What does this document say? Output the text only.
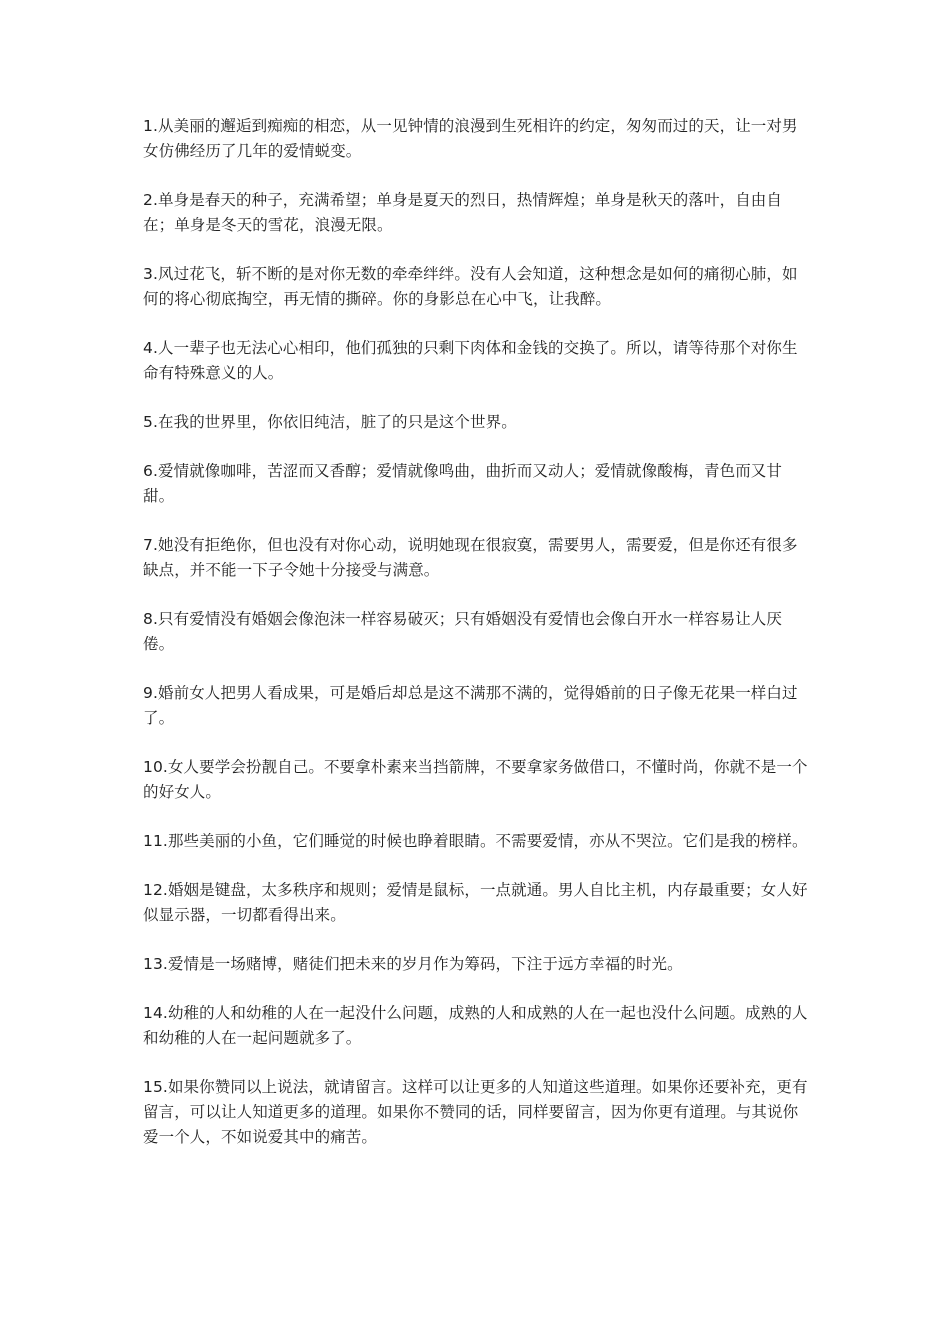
1.从美丽的邂逅到痴痴的相恋，从一见钟情的浪漫到生死相许的约定，匆匆而过的天，让一对男女仿佛经历了几年的爱情蜕变。

2.单身是春天的种子，充满希望；单身是夏天的烈日，热情辉煌；单身是秋天的落叶，自由自在；单身是冬天的雪花，浪漫无限。

3.风过花飞，斩不断的是对你无数的牵牵绊绊。没有人会知道，这种想念是如何的痛彻心肺，如何的将心彻底掏空，再无情的撕碎。你的身影总在心中飞，让我醉。

4.人一辈子也无法心心相印，他们孤独的只剩下肉体和金钱的交换了。所以，请等待那个对你生命有特殊意义的人。

5.在我的世界里，你依旧纯洁，脏了的只是这个世界。

6.爱情就像咖啡，苦涩而又香醇；爱情就像鸣曲，曲折而又动人；爱情就像酸梅，青色而又甘甜。

7.她没有拒绝你，但也没有对你心动，说明她现在很寂寞，需要男人，需要爱，但是你还有很多缺点，并不能一下子令她十分接受与满意。

8.只有爱情没有婚姻会像泡沫一样容易破灭；只有婚姻没有爱情也会像白开水一样容易让人厌倦。

9.婚前女人把男人看成果，可是婚后却总是这不满那不满的，觉得婚前的日子像无花果一样白过了。

10.女人要学会扮靓自己。不要拿朴素来当挡箭牌，不要拿家务做借口，不懂时尚，你就不是一个的好女人。

11.那些美丽的小鱼，它们睡觉的时候也睁着眼睛。不需要爱情，亦从不哭泣。它们是我的榜样。

12.婚姻是键盘，太多秩序和规则；爱情是鼠标，一点就通。男人自比主机，内存最重要；女人好似显示器，一切都看得出来。

13.爱情是一场赌博，赌徒们把未来的岁月作为筹码，下注于远方幸福的时光。

14.幼稚的人和幼稚的人在一起没什么问题，成熟的人和成熟的人在一起也没什么问题。成熟的人和幼稚的人在一起问题就多了。

15.如果你赞同以上说法，就请留言。这样可以让更多的人知道这些道理。如果你还要补充，更有留言，可以让人知道更多的道理。如果你不赞同的话，同样要留言，因为你更有道理。与其说你爱一个人，不如说爱其中的痛苦。
